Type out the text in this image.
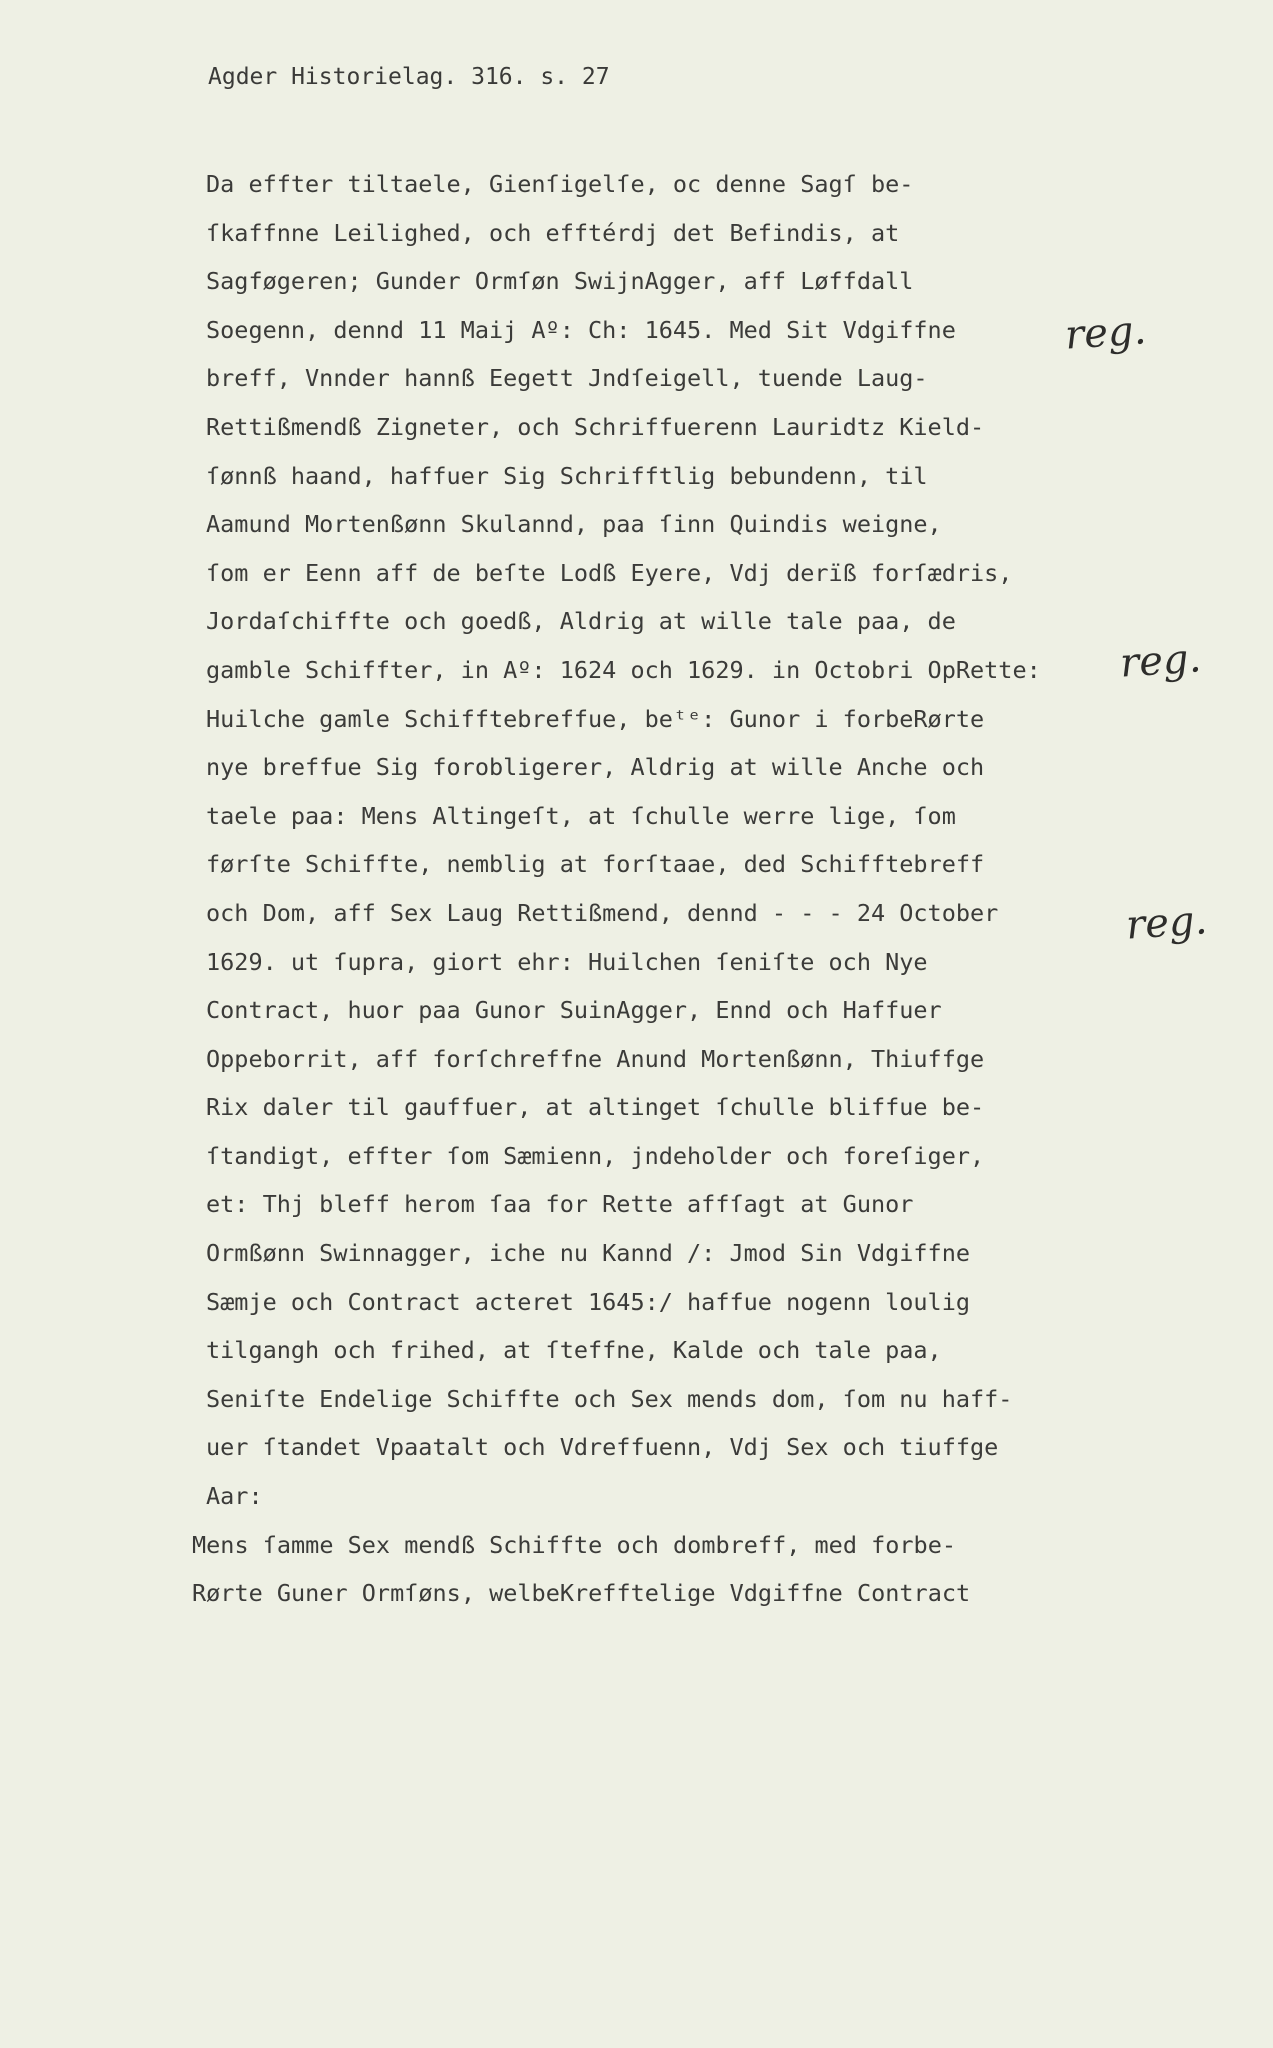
Agder Historielag. 316. s. 27
Da effter tiltaele, Gienſigelſe, oc denne Sagſ be-
ſkaffnne Leilighed, och efftérdj det Befindis, at
Sagføgeren; Gunder Ormſøn SwijnAgger, aff Løffdall
Soegenn, dennd 11 Maij Aº: Ch: 1645. Med Sit Vdgiffne
breff, Vnnder hannß Eegett Jndſeigell, tuende Laug-
Rettißmendß Zigneter, och Schriffuerenn Lauridtz Kield-
ſønnß haand, haffuer Sig Schrifftlig bebundenn, til
Aamund Mortenßønn Skulannd, paa ſinn Quindis weigne,
ſom er Eenn aff de beſte Lodß Eyere, Vdj derïß forſædris,
Jordaſchiffte och goedß, Aldrig at wille tale paa, de
gamble Schiffter, in Aº: 1624 och 1629. in Octobri OpRette:
Huilche gamle Schifftebreffue, beᵗᵉ: Gunor i forbeRørte
nye breffue Sig forobligerer, Aldrig at wille Anche och
taele paa: Mens Altingeſt, at ſchulle werre lige, ſom
førſte Schiffte, nemblig at forſtaae, ded Schifftebreff
och Dom, aff Sex Laug Rettißmend, dennd - - - 24 October
1629. ut ſupra, giort ehr: Huilchen ſeniſte och Nye
Contract, huor paa Gunor SuinAgger, Ennd och Haffuer
Oppeborrit, aff forſchreffne Anund Mortenßønn, Thiuffge
Rix daler til gauffuer, at altinget ſchulle bliffue be-
ſtandigt, effter ſom Sæmienn, jndeholder och foreſiger,
et: Thj bleff herom ſaa for Rette affſagt at Gunor
Ormßønn Swinnagger, iche nu Kannd /: Jmod Sin Vdgiffne
Sæmje och Contract acteret 1645:/ haffue nogenn loulig
tilgangh och frihed, at ſteffne, Kalde och tale paa,
Seniſte Endelige Schiffte och Sex mends dom, ſom nu haff-
uer ſtandet Vpaatalt och Vdreffuenn, Vdj Sex och tiuffge
Aar:
Mens ſamme Sex mendß Schiffte och dombreff, med forbe-
Rørte Guner Ormſøns, welbeKrefftelige Vdgiffne Contract
reg.
reg.
reg.
